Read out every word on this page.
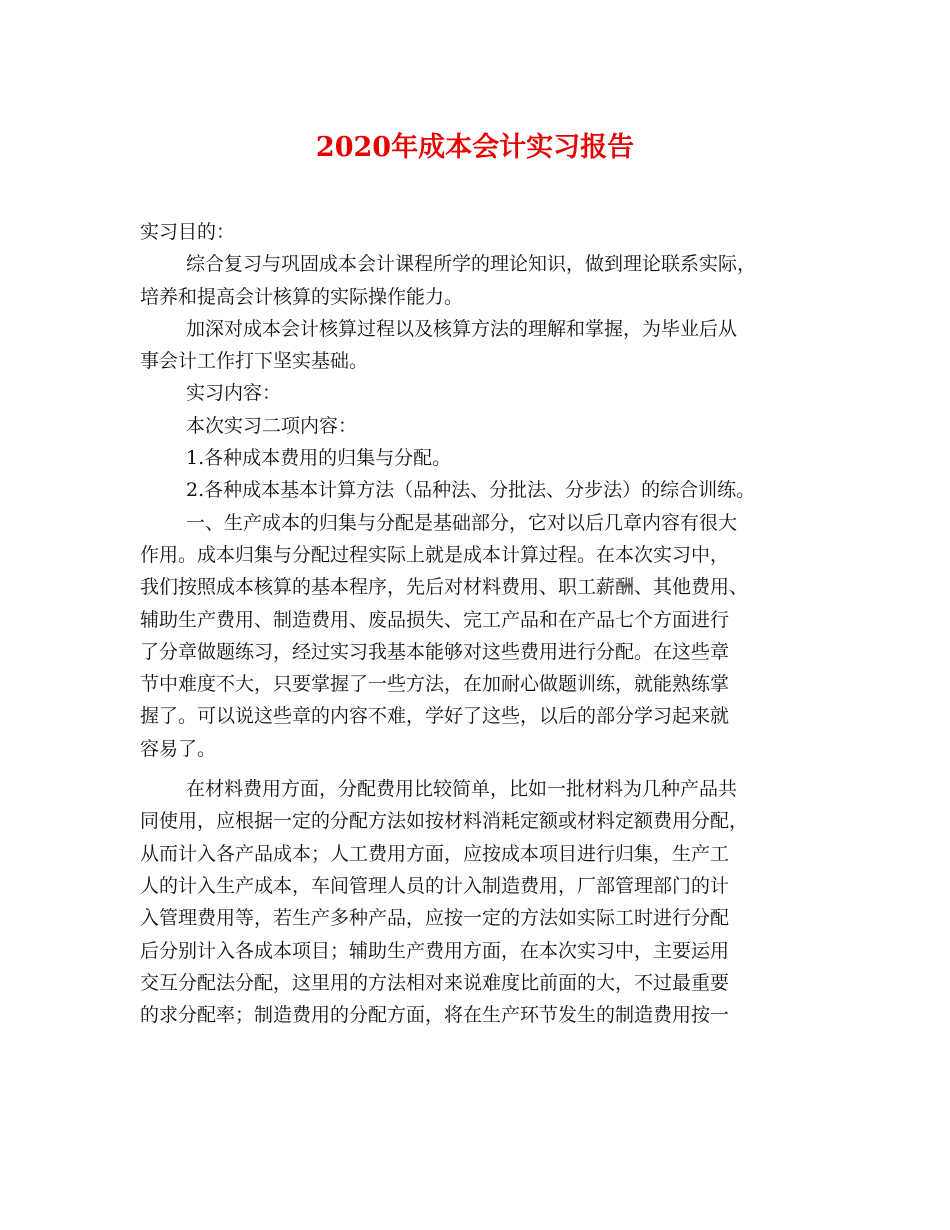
2020年成本会计实习报告
实习目的：
综合复习与巩固成本会计课程所学的理论知识，做到理论联系实际，
培养和提高会计核算的实际操作能力。
加深对成本会计核算过程以及核算方法的理解和掌握，为毕业后从
事会计工作打下坚实基础。
实习内容：
本次实习二项内容：
1.各种成本费用的归集与分配。
2.各种成本基本计算方法（品种法、分批法、分步法）的综合训练。
一、生产成本的归集与分配是基础部分，它对以后几章内容有很大
作用。成本归集与分配过程实际上就是成本计算过程。在本次实习中，
我们按照成本核算的基本程序，先后对材料费用、职工薪酬、其他费用、
辅助生产费用、制造费用、废品损失、完工产品和在产品七个方面进行
了分章做题练习，经过实习我基本能够对这些费用进行分配。在这些章
节中难度不大，只要掌握了一些方法，在加耐心做题训练，就能熟练掌
握了。可以说这些章的内容不难，学好了这些，以后的部分学习起来就
容易了。
在材料费用方面，分配费用比较简单，比如一批材料为几种产品共
同使用，应根据一定的分配方法如按材料消耗定额或材料定额费用分配，
从而计入各产品成本；人工费用方面，应按成本项目进行归集，生产工
人的计入生产成本，车间管理人员的计入制造费用，厂部管理部门的计
入管理费用等，若生产多种产品，应按一定的方法如实际工时进行分配
后分别计入各成本项目；辅助生产费用方面，在本次实习中，主要运用
交互分配法分配，这里用的方法相对来说难度比前面的大，不过最重要
的求分配率；制造费用的分配方面，将在生产环节发生的制造费用按一
